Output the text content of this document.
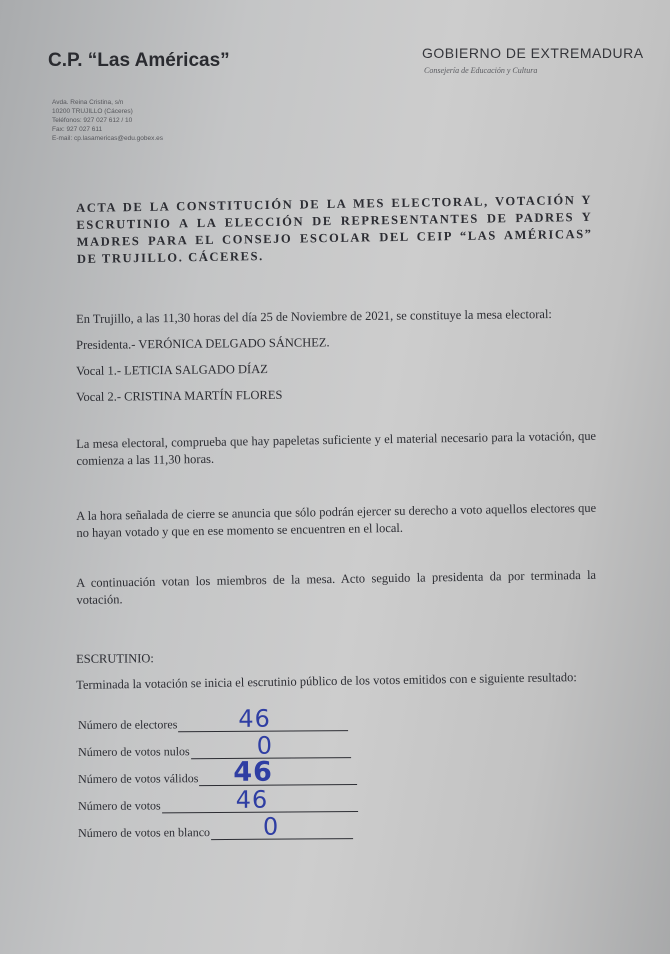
C.P. “Las Américas”	GOBIERNO DE EXTREMADURA
Consejería de Educación y Cultura
Avda. Reina Cristina, s/n
10200 TRUJILLO (Cáceres)
Teléfonos: 927 027 612 / 10
Fax: 927 027 611
E-mail: cp.lasamericas@edu.gobex.es
ACTA DE LA CONSTITUCIÓN DE LA MES ELECTORAL, VOTACIÓN Y ESCRUTINIO A LA ELECCIÓN DE REPRESENTANTES DE PADRES Y MADRES PARA EL CONSEJO ESCOLAR DEL CEIP “LAS AMÉRICAS” DE TRUJILLO. CÁCERES.
En Trujillo, a las 11,30 horas del día 25 de Noviembre de 2021, se constituye la mesa electoral:
Presidenta.- VERÓNICA DELGADO SÁNCHEZ.
Vocal 1.- LETICIA SALGADO DÍAZ
Vocal 2.- CRISTINA MARTÍN FLORES
La mesa electoral, comprueba que hay papeletas suficiente y el material necesario para la votación, que comienza a las 11,30 horas.
A la hora señalada de cierre se anuncia que sólo podrán ejercer su derecho a voto aquellos electores que no hayan votado y que en ese momento se encuentren en el local.
A continuación votan los miembros de la mesa. Acto seguido la presidenta da por terminada la votación.
ESCRUTINIO:
Terminada la votación se inicia el escrutinio público de los votos emitidos con e siguiente resultado:
Número de electores	46
Número de votos nulos	0
Número de votos válidos 46
Número de votos	46
Número de votos en blanco 0
